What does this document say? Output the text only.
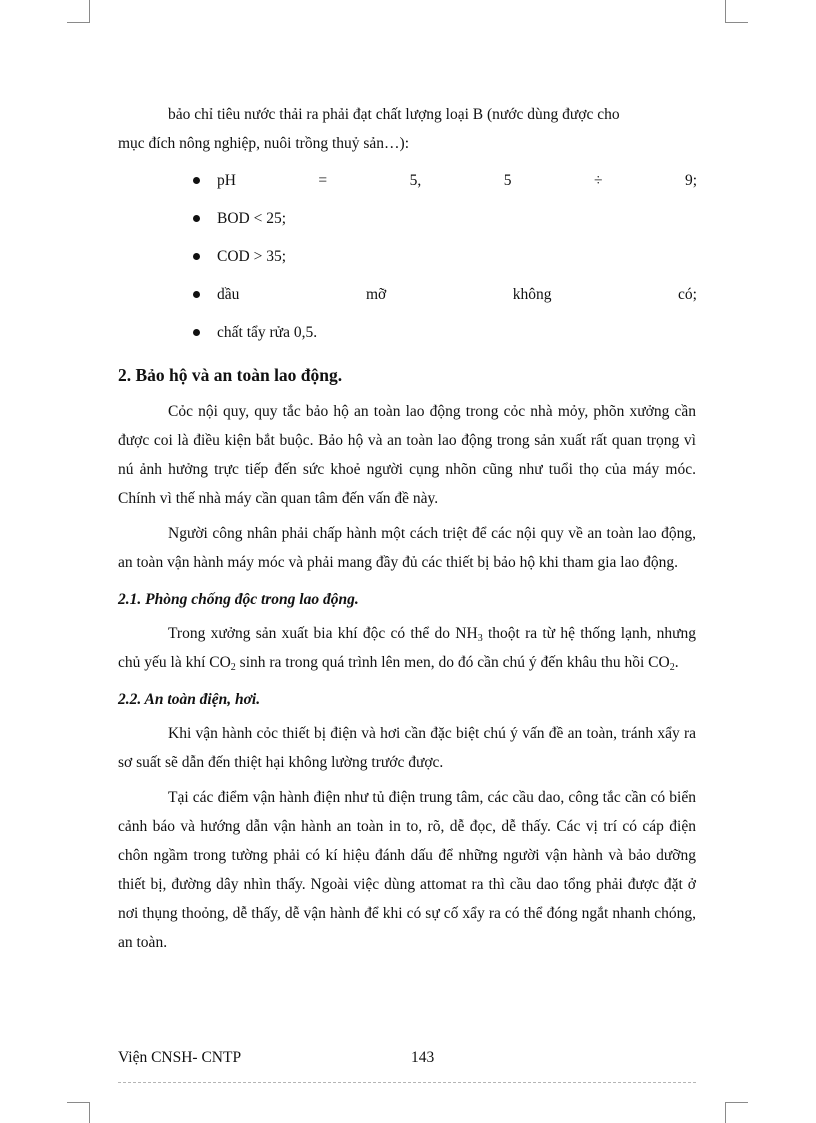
bảo chỉ tiêu nước thải ra phải đạt chất lượng loại B (nước dùng được cho

mục đích nông nghiệp, nuôi trồng thuỷ sản…):

pH	=	5,	5	÷	9;
BOD < 25;
COD > 35;
dầu	mỡ	không	có;
chất tẩy rửa 0,5.
2. Bảo hộ và an toàn lao động.

Cỏc nội quy, quy tắc bảo hộ an toàn lao động trong cỏc nhà mỏy, phõn xưởng cần được coi là điều kiện bắt buộc. Bảo hộ và an toàn lao động trong sản xuất rất quan trọng vì nú ảnh hưởng trực tiếp đến sức khoẻ người cụng nhõn cũng như tuổi thọ của máy móc. Chính vì thế nhà máy cần quan tâm đến vấn đề này.

Người công nhân phải chấp hành một cách triệt để các nội quy về an toàn lao động, an toàn vận hành máy móc và phải mang đầy đủ các thiết bị bảo hộ khi tham gia lao động.

2.1. Phòng chống độc trong lao động.

Trong xưởng sản xuất bia khí độc có thể do $NH_3$ thoột ra từ hệ thống lạnh, nhưng chủ yếu là khí $CO_2$ sinh ra trong quá trình lên men, do đó cần chú ý đến khâu thu hồi $CO_2$.

2.2. An toàn điện, hơi.

Khi vận hành cỏc thiết bị điện và hơi cần đặc biệt chú ý vấn đề an toàn, tránh xẩy ra sơ suất sẽ dẫn đến thiệt hại không lường trước được.

Tại các điểm vận hành điện như tủ điện trung tâm, các cầu dao, công tắc cần có biển cảnh báo và hướng dẫn vận hành an toàn in to, rõ, dễ đọc, dễ thấy. Các vị trí có cáp điện chôn ngầm trong tường phải có kí hiệu đánh dấu để những người vận hành và bảo dưỡng thiết bị, đường dây nhìn thấy. Ngoài việc dùng attomat ra thì cầu dao tổng phải được đặt ở nơi thụng thoỏng, dễ thấy, dễ vận hành để khi có sự cố xẩy ra có thể đóng ngắt nhanh chóng, an toàn.

Viện CNSH- CNTP	143
